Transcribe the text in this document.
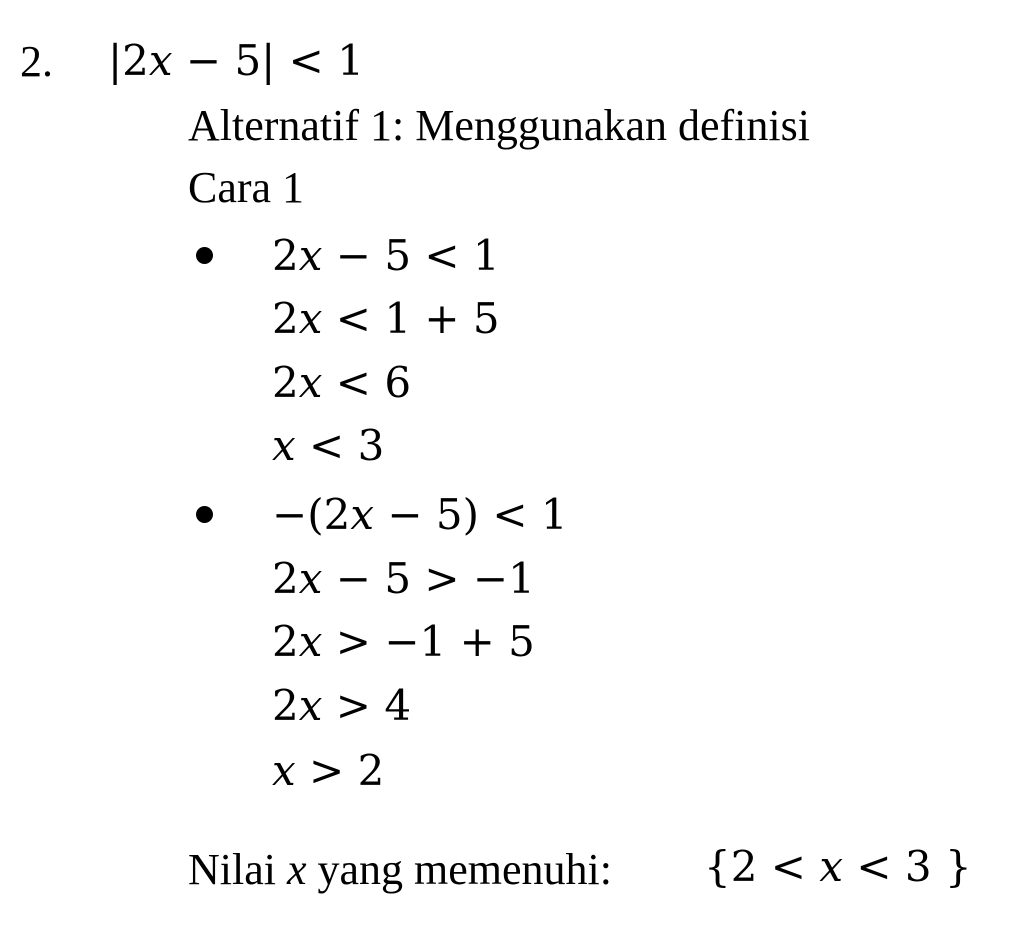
2. |2x − 5| < 1
Alternatif 1: Menggunakan definisi
Cara 1
2x − 5 < 1
2x < 1 + 5
2x < 6
x < 3
−(2x − 5) < 1
2x − 5 > −1
2x > −1 + 5
2x > 4
x > 2
Nilai x yang memenuhi: {2 < x < 3 }
